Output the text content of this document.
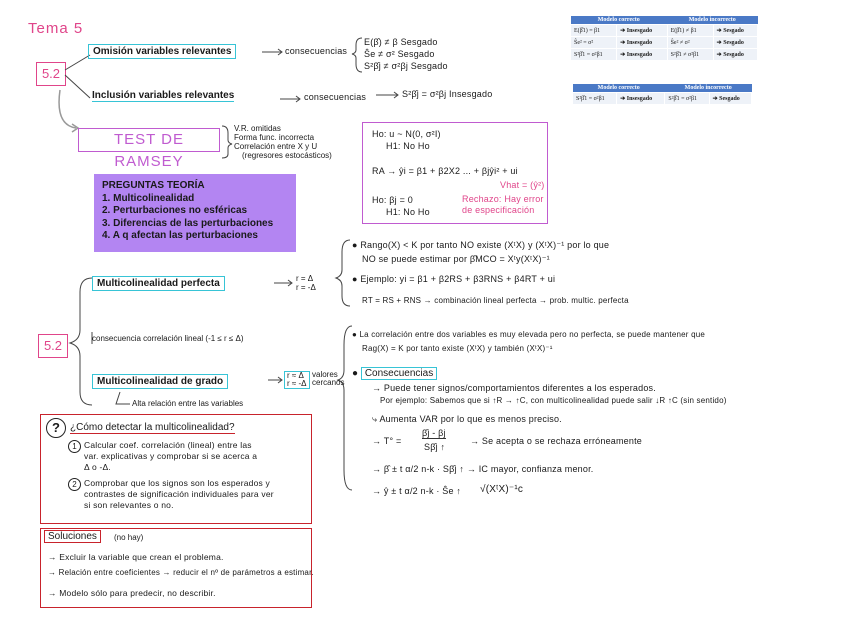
Tema 5
5.2
Omisión variables relevantes	consecuencias
E(β̂) ≠ β Sesgado
Ŝe ≠ σ² Sesgado
S²β̂j ≠ σ²βj Sesgado
Inclusión variables relevantes	consecuencias	S²β̂j = σ²βj Insesgado
TEST DE RAMSEY
V.R. omitidas
Forma func. incorrecta
Correlación entre X y U
(regresores estocásticos)
Ho: u ~ N(0, σ²I)
H1: No Ho
RA → ŷi = β1 + β2X2 ... + βjŷi² + ui
Vhat = (ŷ²)
Ho: βj = 0
H1: No Ho
Rechazo: Hay error
de especificación
PREGUNTAS TEORÍA
1. Multicolinealidad
2. Perturbaciones no esféricas
3. Diferencias de las perturbaciones
4. A q afectan las perturbaciones
Modelo correcto		Modelo incorrecto	
E(β̂1) = β1	➔ Insesgado	E(β̂1) ≠ β1	➔ Sesgado
Ŝe² = σ²	➔ Insesgado	Ŝe² ≠ σ²	➔ Sesgado
S²β̂1 = σ²β1	➔ Insesgado	S²β̂1 ≠ σ²β1	➔ Sesgado
Modelo correcto		Modelo incorrecto	
S²β̂1 = σ²β1	➔ Insesgado	S²β̂1 = σ²β1	➔ Sesgado
5.2
Multicolinealidad perfecta	r = Δ
r = -Δ
● Rango(X) < K por tanto NO existe (XᵗX) y (XᵗX)⁻¹ por lo que
NO se puede estimar por β̂MCO = Xᵗy(XᵗX)⁻¹
● Ejemplo: yi = β1 + β2RS + β3RNS + β4RT + ui
RT = RS + RNS → combinación lineal perfecta → prob. multic. perfecta
consecuencia correlación lineal (-1 ≤ r ≤ Δ)
Multicolinealidad de grado
r ≈ Δ
r ≈ -Δ
valores
cercanos
Alta relación entre las variables
● La correlación entre dos variables es muy elevada pero no perfecta, se puede mantener que
Rag(X) = K por tanto existe (XᵗX) y también (XᵗX)⁻¹
● Consecuencias
→ Puede tener signos/comportamientos diferentes a los esperados.
Por ejemplo: Sabemos que si ↑R → ↑C, con multicolinealidad puede salir ↓R ↑C (sin sentido)
⤷ Aumenta VAR por lo que es menos preciso.
→ T° =
β̂j - βj
Sβ̂j ↑
→ Se acepta o se rechaza erróneamente
→ β̂ ± t α/2 n-k · Sβ̂j ↑ → IC mayor, confianza menor.
→ ŷ ± t α/2 n-k · Ŝe ↑ √(XᵗX)⁻¹c
?	¿Cómo detectar la multicolinealidad?
1 Calcular coef. correlación (lineal) entre las
var. explicativas y comprobar si se acerca a
Δ o -Δ.
2 Comprobar que los signos son los esperados y
contrastes de significación individuales para ver
si son relevantes o no.
Soluciones	(no hay)
→ Excluir la variable que crean el problema.
→ Relación entre coeficientes → reducir el nº de parámetros a estimar.
→ Modelo sólo para predecir, no describir.
